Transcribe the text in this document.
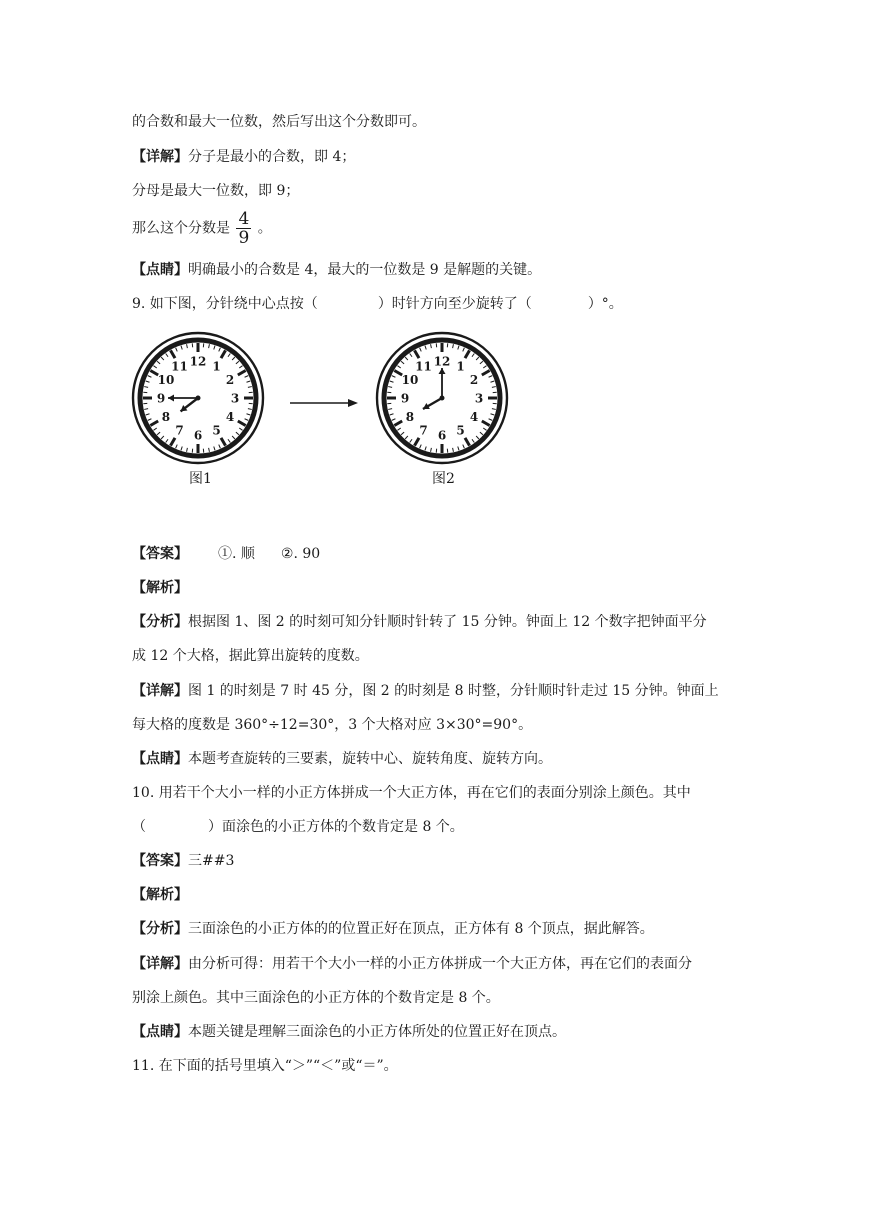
的合数和最大一位数，然后写出这个分数即可。
【详解】分子是最小的合数，即 4；
分母是最大一位数，即 9；
那么这个分数是 $\frac{4}{9}$ 。
【点睛】明确最小的合数是 4，最大的一位数是 9 是解题的关键。
9. 如下图，分针绕中心点按（	）时针方向至少旋转了（	）°。
12 1
2
3
4
5
6
7
8
9
10
11
图1
12 1
2
3
4
5
6
7
8
9
10
11
图2
【答案】 ①. 顺 ②. 90
【解析】
【分析】根据图 1、图 2 的时刻可知分针顺时针转了 15 分钟。钟面上 12 个数字把钟面平分
成 12 个大格，据此算出旋转的度数。
【详解】图 1 的时刻是 7 时 45 分，图 2 的时刻是 8 时整，分针顺时针走过 15 分钟。钟面上
每大格的度数是 360°÷12=30°，3 个大格对应 3×30°=90°。
【点睛】本题考查旋转的三要素，旋转中心、旋转角度、旋转方向。
10. 用若干个大小一样的小正方体拼成一个大正方体，再在它们的表面分别涂上颜色。其中
（	）面涂色的小正方体的个数肯定是 8 个。
【答案】三##3
【解析】
【分析】三面涂色的小正方体的的位置正好在顶点，正方体有 8 个顶点，据此解答。
【详解】由分析可得：用若干个大小一样的小正方体拼成一个大正方体，再在它们的表面分
别涂上颜色。其中三面涂色的小正方体的个数肯定是 8 个。
【点睛】本题关键是理解三面涂色的小正方体所处的位置正好在顶点。
11. 在下面的括号里填入“＞”“＜”或“＝”。
